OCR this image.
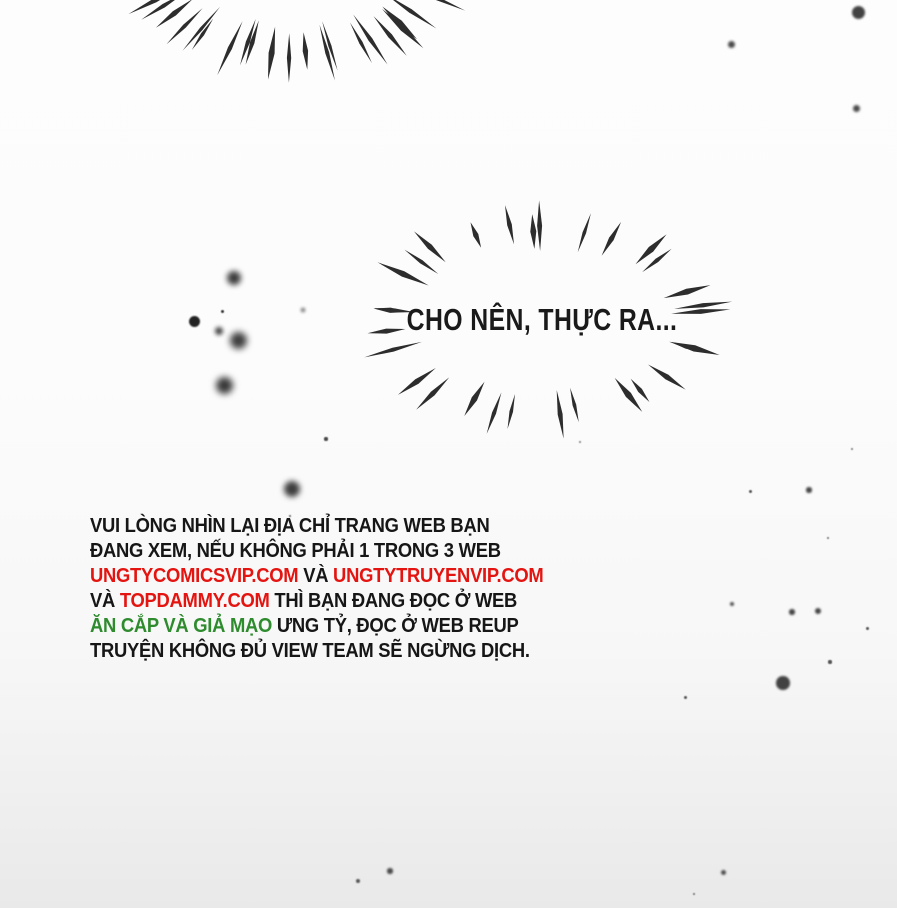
CHO NÊN, THỰC RA...
VUI LÒNG NHÌN LẠI ĐỊA CHỈ TRANG WEB BẠN
ĐANG XEM, NẾU KHÔNG PHẢI 1 TRONG 3 WEB
UNGTYCOMICSVIP.COM VÀ UNGTYTRUYENVIP.COM
VÀ TOPDAMMY.COM THÌ BẠN ĐANG ĐỌC Ở WEB
ĂN CẮP VÀ GIẢ MẠO ƯNG TỶ, ĐỌC Ở WEB REUP
TRUYỆN KHÔNG ĐỦ VIEW TEAM SẼ NGỪNG DỊCH.
